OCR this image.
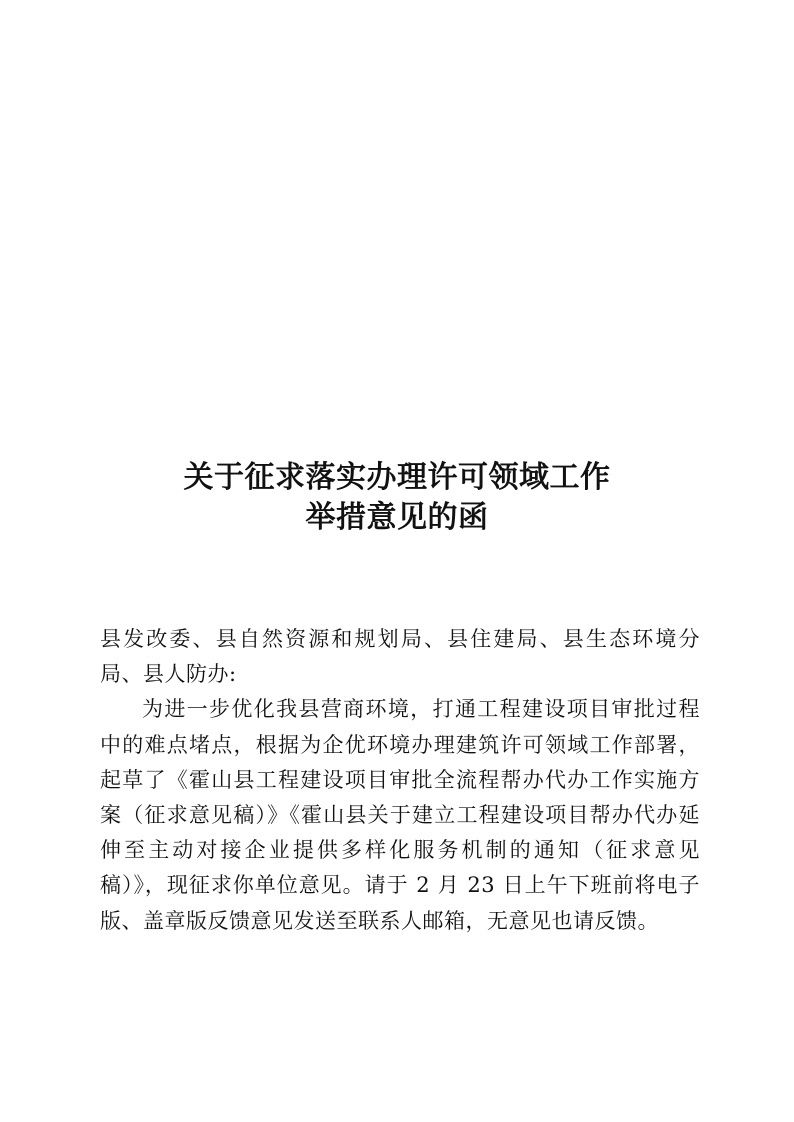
关于征求落实办理许可领域工作
举措意见的函

县发改委、县自然资源和规划局、县住建局、县生态环境分局、县人防办:

为进一步优化我县营商环境，打通工程建设项目审批过程中的难点堵点，根据为企优环境办理建筑许可领域工作部署，起草了《霍山县工程建设项目审批全流程帮办代办工作实施方案（征求意见稿）》《霍山县关于建立工程建设项目帮办代办延伸至主动对接企业提供多样化服务机制的通知（征求意见稿）》，现征求你单位意见。请于 2 月 23 日上午下班前将电子版、盖章版反馈意见发送至联系人邮箱，无意见也请反馈。
